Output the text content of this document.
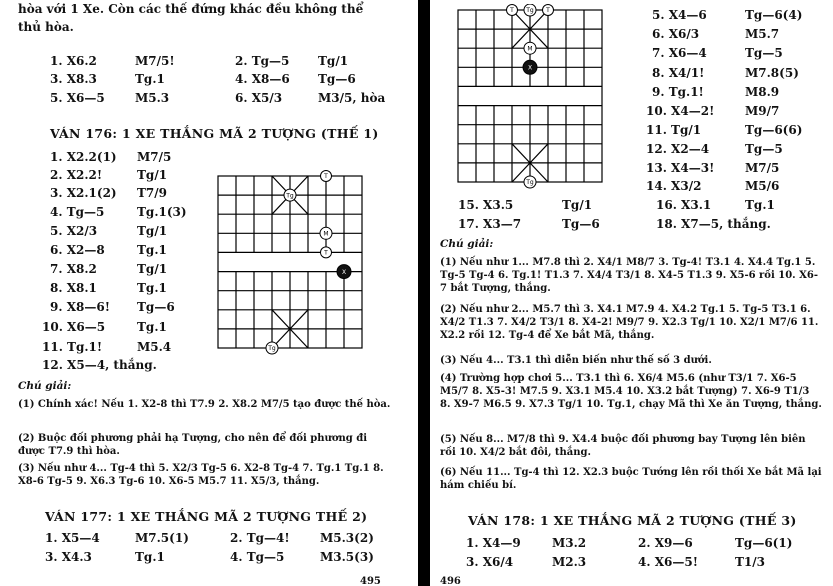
hòa với 1 Xe. Còn các thế đứng khác đều không thể
thủ hòa.
1. X6.2	M7/5!	2. Tg—5 Tg/1
3. X8.3	Tg.1	4. X8—6 Tg—6
5. X6—5	M5.3	6. X5/3	M3/5, hòa
VÁN 176: 1 XE THẮNG MÃ 2 TƯỢNG (THẾ 1)
1. X2.2(1) M7/5
2. X2.2!	Tg/1
3. X2.1(2) T7/9
4. Tg—5	Tg.1(3)
5. X2/3	Tg/1
6. X2—8	Tg.1
7. X8.2	Tg/1
8. X8.1	Tg.1
9. X8—6! Tg—6
10. X6—5	Tg.1
11. Tg.1!	M5.4
12. X5—4, thắng.
Tg
T
T
X
M
Tg
Chú giải:
(1) Chính xác! Nếu 1. X2-8 thì T7.9 2. X8.2 M7/5 tạo được thế hòa.
(2) Buộc đối phương phải hạ Tượng, cho nên để đối phương đi được T7.9 thì hòa.
(3) Nếu như 4... Tg-4 thì 5. X2/3 Tg-5 6. X2-8 Tg-4 7. Tg.1 Tg.1 8. X8-6 Tg-5 9. X6.3 Tg-6 10. X6-5 M5.7 11. X5/3, thắng.
VÁN 177: 1 XE THẮNG MÃ 2 TƯỢNG THẾ 2)
1. X5—4	M7.5(1)	2. Tg—4!	M5.3(2)
3. X4.3	Tg.1	4. Tg—5	M3.5(3)
495
T Tg T
M
X
Tg
5. X4—6	Tg—6(4)
6. X6/3	M5.7
7. X6—4	Tg—5
8. X4/1!	M7.8(5)
9. Tg.1!	M8.9
10. X4—2!	M9/7
11. Tg/1	Tg—6(6)
12. X2—4	Tg—5
13. X4—3!	M7/5
14. X3/2	M5/6
15. X3.5	Tg/1	16. X3.1	Tg.1
17. X3—7	Tg—6	18. X7—5, thắng.
Chú giải:
(1) Nếu như 1... M7.8 thì 2. X4/1 M8/7 3. Tg-4! T3.1 4. X4.4 Tg.1 5. Tg-5 Tg-4 6. Tg.1! T1.3 7. X4/4 T3/1 8. X4-5 T1.3 9. X5-6 rồi 10. X6-7 bắt Tượng, thắng.
(2) Nếu như 2... M5.7 thì 3. X4.1 M7.9 4. X4.2 Tg.1 5. Tg-5 T3.1 6. X4/2 T1.3 7. X4/2 T3/1 8. X4-2! M9/7 9. X2.3 Tg/1 10. X2/1 M7/6 11. X2.2 rồi 12. Tg-4 để Xe bắt Mã, thắng.
(3) Nếu 4... T3.1 thì diễn biến như thế số 3 dưới.
(4) Trường hợp chơi 5... T3.1 thì 6. X6/4 M5.6 (như T3/1 7. X6-5 M5/7 8. X5-3! M7.5 9. X3.1 M5.4 10. X3.2 bắt Tượng) 7. X6-9 T1/3 8. X9-7 M6.5 9. X7.3 Tg/1 10. Tg.1, chạy Mã thì Xe ăn Tượng, thắng.
(5) Nếu 8... M7/8 thì 9. X4.4 buộc đối phương bay Tượng lên biên rồi 10. X4/2 bắt đôi, thắng.
(6) Nếu 11... Tg-4 thì 12. X2.3 buộc Tướng lên rồi thối Xe bắt Mã lại hám chiếu bí.
VÁN 178: 1 XE THẮNG MÃ 2 TƯỢNG (THẾ 3)
1. X4—9	M3.2	2. X9—6	Tg—6(1)
3. X6/4	M2.3	4. X6—5!	T1/3
496
